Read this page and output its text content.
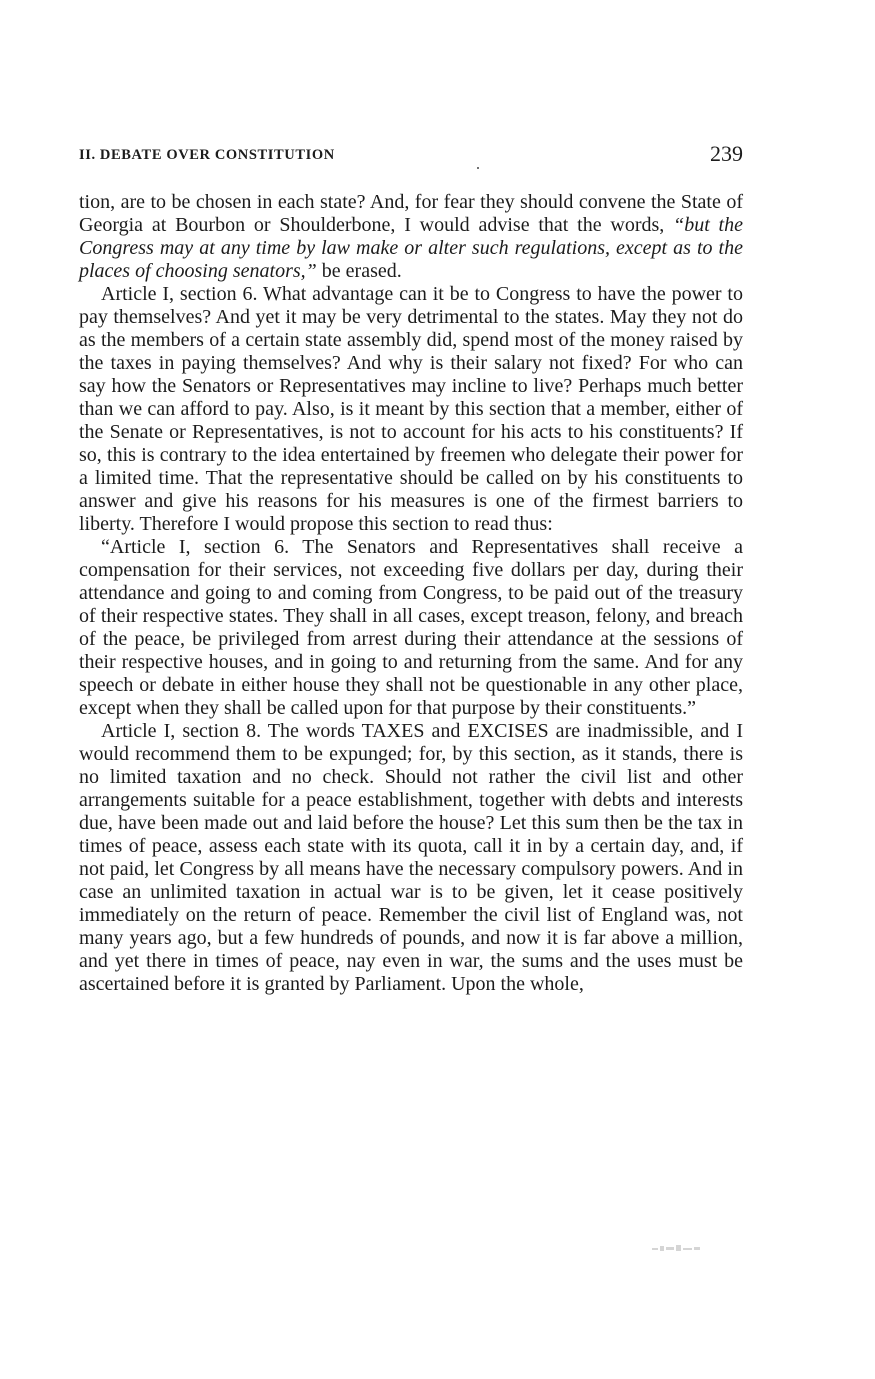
II. DEBATE OVER CONSTITUTION	239

tion, are to be chosen in each state? And, for fear they should convene the State of Georgia at Bourbon or Shoulderbone, I would advise that the words, “but the Congress may at any time by law make or alter such regulations, except as to the places of choosing senators,” be erased.

Article I, section 6. What advantage can it be to Congress to have the power to pay themselves? And yet it may be very detrimental to the states. May they not do as the members of a certain state assembly did, spend most of the money raised by the taxes in paying themselves? And why is their salary not fixed? For who can say how the Senators or Representatives may incline to live? Perhaps much better than we can afford to pay. Also, is it meant by this section that a member, either of the Senate or Representatives, is not to account for his acts to his constituents? If so, this is contrary to the idea entertained by freemen who delegate their power for a limited time. That the representative should be called on by his constituents to answer and give his reasons for his measures is one of the firmest barriers to liberty. Therefore I would propose this section to read thus:

“Article I, section 6. The Senators and Representatives shall receive a compensation for their services, not exceeding five dollars per day, during their attendance and going to and coming from Congress, to be paid out of the treasury of their respective states. They shall in all cases, except treason, felony, and breach of the peace, be privileged from arrest during their attendance at the sessions of their respective houses, and in going to and returning from the same. And for any speech or debate in either house they shall not be questionable in any other place, except when they shall be called upon for that purpose by their constituents.”

Article I, section 8. The words TAXES and EXCISES are inadmissible, and I would recommend them to be expunged; for, by this section, as it stands, there is no limited taxation and no check. Should not rather the civil list and other arrangements suitable for a peace establishment, together with debts and interests due, have been made out and laid before the house? Let this sum then be the tax in times of peace, assess each state with its quota, call it in by a certain day, and, if not paid, let Congress by all means have the necessary compulsory powers. And in case an unlimited taxation in actual war is to be given, let it cease positively immediately on the return of peace. Remember the civil list of England was, not many years ago, but a few hundreds of pounds, and now it is far above a million, and yet there in times of peace, nay even in war, the sums and the uses must be ascertained before it is granted by Parliament. Upon the whole,
